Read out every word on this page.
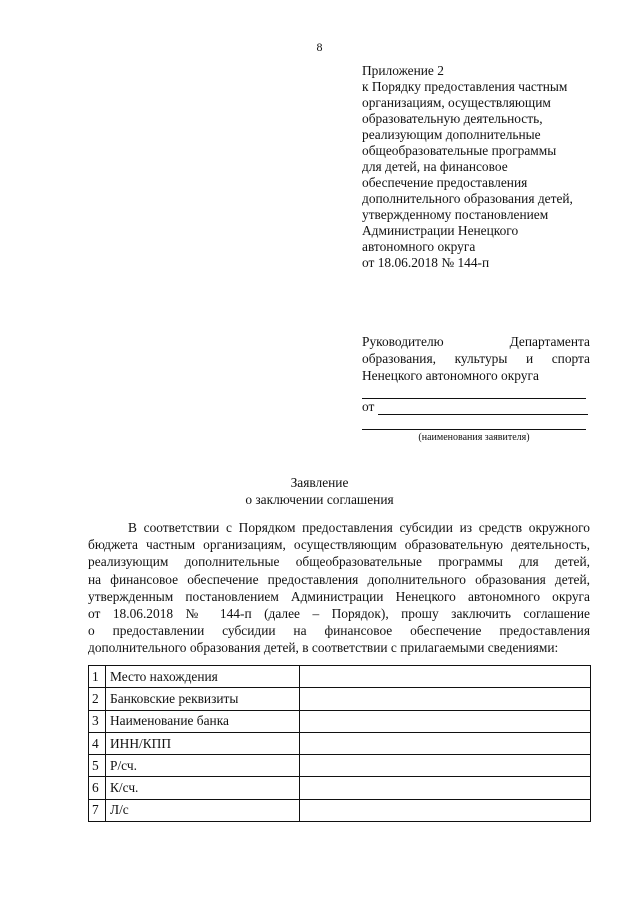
8
Приложение 2
к Порядку предоставления частным
организациям, осуществляющим
образовательную деятельность,
реализующим дополнительные
общеобразовательные программы
для детей, на финансовое
обеспечение предоставления
дополнительного образования детей,
утвержденному постановлением
Администрации Ненецкого
автономного округа
от 18.06.2018 № 144-п
Руководителю Департамента
образования, культуры и спорта
Ненецкого автономного округа
от
(наименования заявителя)
Заявление
о заключении соглашения
В соответствии с Порядком предоставления субсидии из средств окружного
бюджета частным организациям, осуществляющим образовательную деятельность,
реализующим дополнительные общеобразовательные программы для детей,
на финансовое обеспечение предоставления дополнительного образования детей,
утвержденным постановлением Администрации Ненецкого автономного округа
от 18.06.2018 № 144-п (далее – Порядок), прошу заключить соглашение
о предоставлении субсидии на финансовое обеспечение предоставления
дополнительного образования детей, в соответствии с прилагаемыми сведениями:
1	Место нахождения	
2	Банковские реквизиты	
3	Наименование банка	
4	ИНН/КПП	
5	Р/сч.	
6	К/сч.	
7	Л/с	
